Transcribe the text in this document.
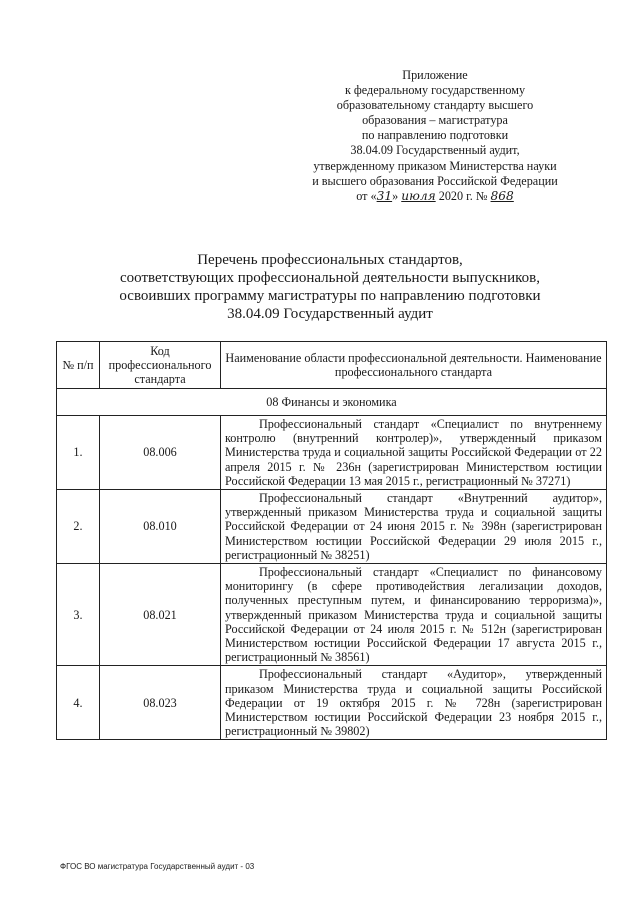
Приложение
к федеральному государственному
образовательному стандарту высшего
образования – магистратура
по направлению подготовки
38.04.09 Государственный аудит,
утвержденному приказом Министерства науки
и высшего образования Российской Федерации
от «31» июля 2020 г. № 868
Перечень профессиональных стандартов,
соответствующих профессиональной деятельности выпускников,
освоивших программу магистратуры по направлению подготовки
38.04.09 Государственный аудит
№ п/п	Код профессионального стандарта	Наименование области профессиональной деятельности. Наименование профессионального стандарта
08 Финансы и экономика		
1.	08.006	Профессиональный стандарт «Специалист по внутреннему контролю (внутренний контролер)», утвержденный приказом Министерства труда и социальной защиты Российской Федерации от 22 апреля 2015 г. № 236н (зарегистрирован Министерством юстиции Российской Федерации 13 мая 2015 г., регистрационный № 37271)
2.	08.010	Профессиональный стандарт «Внутренний аудитор», утвержденный приказом Министерства труда и социальной защиты Российской Федерации от 24 июня 2015 г. № 398н (зарегистрирован Министерством юстиции Российской Федерации 29 июля 2015 г., регистрационный № 38251)
3.	08.021	Профессиональный стандарт «Специалист по финансовому мониторингу (в сфере противодействия легализации доходов, полученных преступным путем, и финансированию терроризма)», утвержденный приказом Министерства труда и социальной защиты Российской Федерации от 24 июля 2015 г. № 512н (зарегистрирован Министерством юстиции Российской Федерации 17 августа 2015 г., регистрационный № 38561)
4.	08.023	Профессиональный стандарт «Аудитор», утвержденный приказом Министерства труда и социальной защиты Российской Федерации от 19 октября 2015 г. № 728н (зарегистрирован Министерством юстиции Российской Федерации 23 ноября 2015 г., регистрационный № 39802)
ФГОС ВО магистратура Государственный аудит - 03
